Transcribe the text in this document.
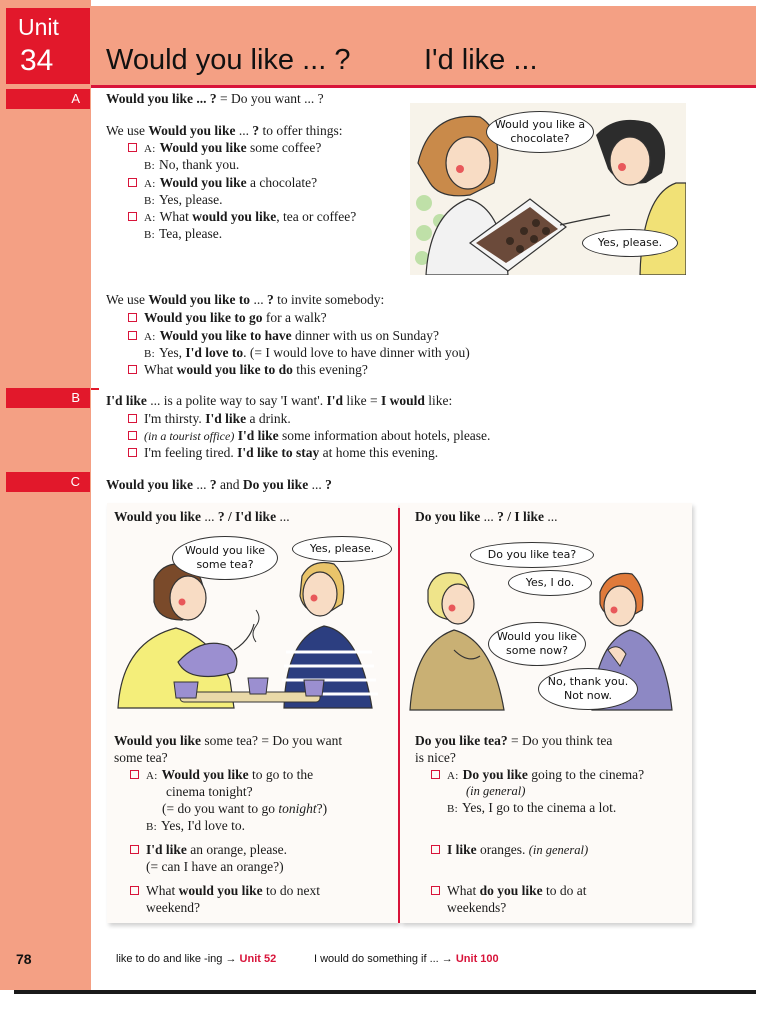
Unit
34 Would you like ... ?	I'd like ...
A	Would you like ... ? = Do you want ... ?
We use Would you like ... ? to offer things:
A: Would you like some coffee?
B: No, thank you.
A: Would you like a chocolate?
B: Yes, please.
A: What would you like, tea or coffee?
B: Tea, please.
Would you like a chocolate?
Yes, please.
We use Would you like to ... ? to invite somebody:
Would you like to go for a walk?
A: Would you like to have dinner with us on Sunday?
B: Yes, I'd love to. (= I would love to have dinner with you)
What would you like to do this evening?
B	I'd like ... is a polite way to say 'I want'. I'd like = I would like:
I'm thirsty. I'd like a drink.
(in a tourist office) I'd like some information about hotels, please.
I'm feeling tired. I'd like to stay at home this evening.
C	Would you like ... ? and Do you like ... ?
Would you like ... ? / I'd like ...
Would you like some tea?
Yes, please.
Would you like some tea? = Do you want
some tea?
A: Would you like to go to the
cinema tonight?
(= do you want to go tonight?)
B: Yes, I'd love to.
I'd like an orange, please.
(= can I have an orange?)
What would you like to do next
weekend?
Do you like ... ? / I like ...
Do you like tea?
Yes, I do.
Would you like some now?
No, thank you. Not now.
Do you like tea? = Do you think tea
is nice?
A: Do you like going to the cinema?
(in general)
B: Yes, I go to the cinema a lot.
I like oranges. (in general)
What do you like to do at
weekends?
78	like to do and like -ing → Unit 52	I would do something if ... → Unit 100
